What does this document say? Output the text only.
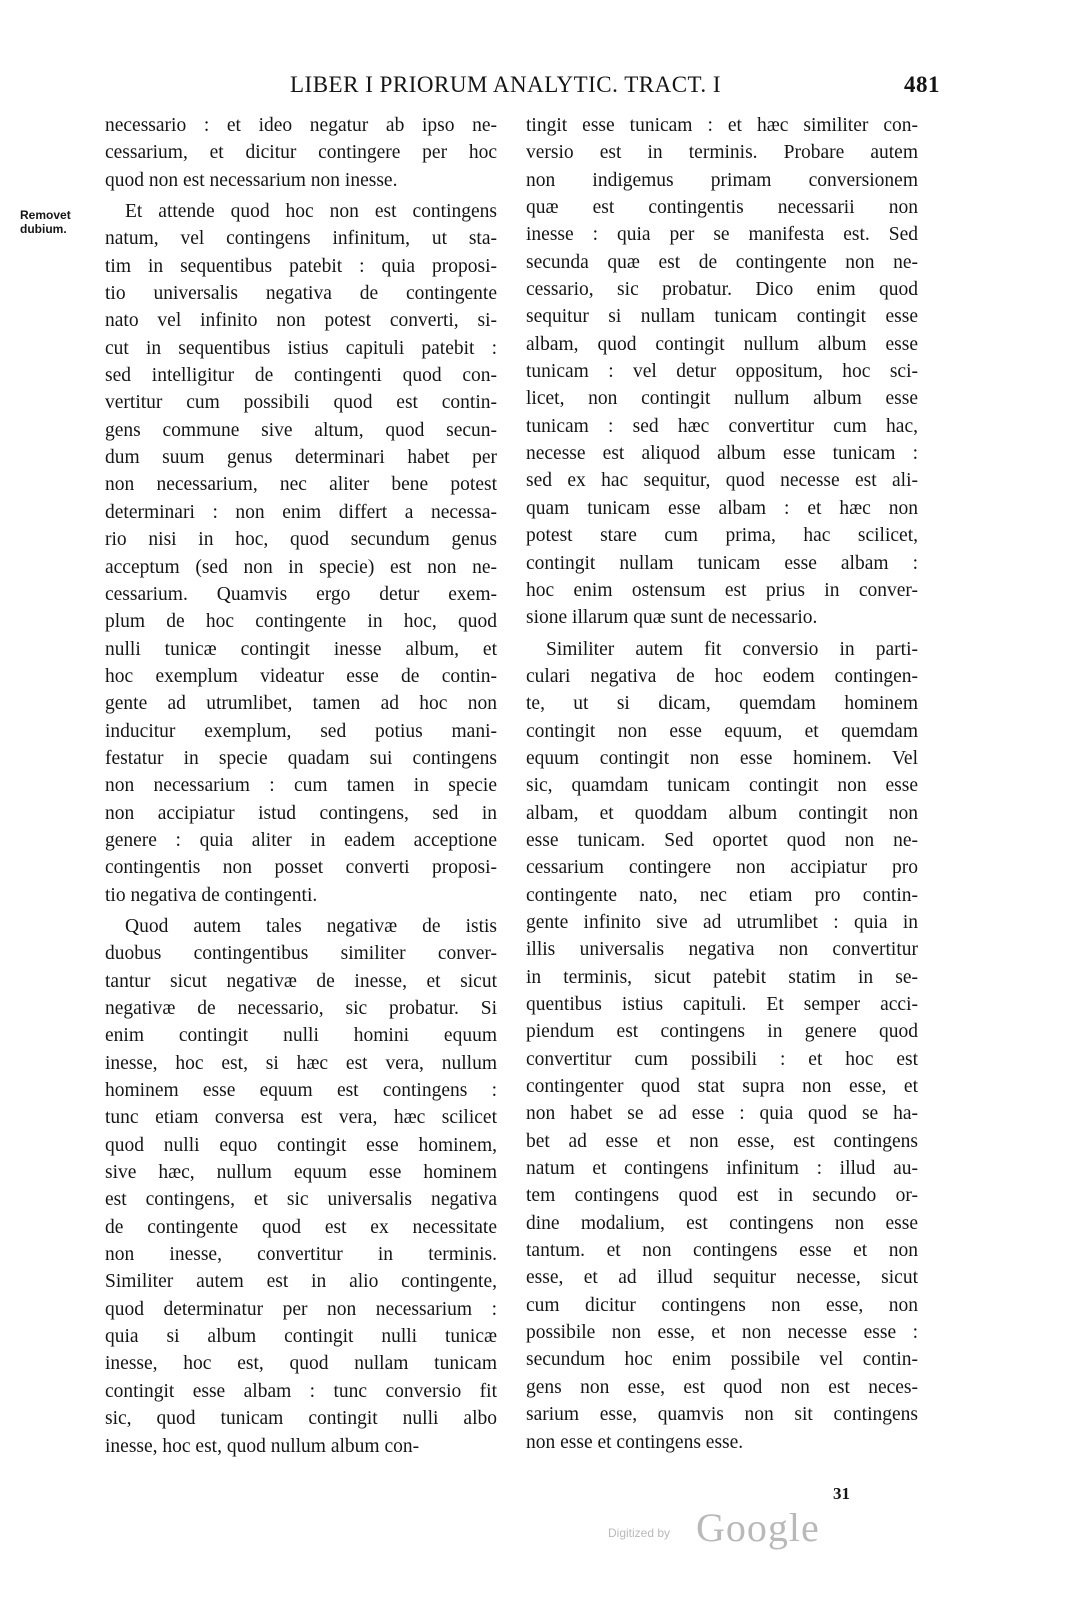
LIBER I PRIORUM ANALYTIC. TRACT. I	481
Removet
dubium.
necessario : et ideo negatur ab ipso ne-
cessarium, et dicitur contingere per hoc
quod non est necessarium non inesse.
Et attende quod hoc non est contingens
natum, vel contingens infinitum, ut sta-
tim in sequentibus patebit : quia proposi-
tio universalis negativa de contingente
nato vel infinito non potest converti, si-
cut in sequentibus istius capituli patebit :
sed intelligitur de contingenti quod con-
vertitur cum possibili quod est contin-
gens commune sive altum, quod secun-
dum suum genus determinari habet per
non necessarium, nec aliter bene potest
determinari : non enim differt a necessa-
rio nisi in hoc, quod secundum genus
acceptum (sed non in specie) est non ne-
cessarium. Quamvis ergo detur exem-
plum de hoc contingente in hoc, quod
nulli tunicæ contingit inesse album, et
hoc exemplum videatur esse de contin-
gente ad utrumlibet, tamen ad hoc non
inducitur exemplum, sed potius mani-
festatur in specie quadam sui contingens
non necessarium : cum tamen in specie
non accipiatur istud contingens, sed in
genere : quia aliter in eadem acceptione
contingentis non posset converti proposi-
tio negativa de contingenti.
Quod autem tales negativæ de istis
duobus contingentibus similiter conver-
tantur sicut negativæ de inesse, et sicut
negativæ de necessario, sic probatur. Si
enim contingit nulli homini equum
inesse, hoc est, si hæc est vera, nullum
hominem esse equum est contingens :
tunc etiam conversa est vera, hæc scilicet
quod nulli equo contingit esse hominem,
sive hæc, nullum equum esse hominem
est contingens, et sic universalis negativa
de contingente quod est ex necessitate
non inesse, convertitur in terminis.
Similiter autem est in alio contingente,
quod determinatur per non necessarium :
quia si album contingit nulli tunicæ
inesse, hoc est, quod nullam tunicam
contingit esse albam : tunc conversio fit
sic, quod tunicam contingit nulli albo
inesse, hoc est, quod nullum album con-
tingit esse tunicam : et hæc similiter con-
versio est in terminis. Probare autem
non indigemus primam conversionem
quæ est contingentis necessarii non
inesse : quia per se manifesta est. Sed
secunda quæ est de contingente non ne-
cessario, sic probatur. Dico enim quod
sequitur si nullam tunicam contingit esse
albam, quod contingit nullum album esse
tunicam : vel detur oppositum, hoc sci-
licet, non contingit nullum album esse
tunicam : sed hæc convertitur cum hac,
necesse est aliquod album esse tunicam :
sed ex hac sequitur, quod necesse est ali-
quam tunicam esse albam : et hæc non
potest stare cum prima, hac scilicet,
contingit nullam tunicam esse albam :
hoc enim ostensum est prius in conver-
sione illarum quæ sunt de necessario.
Similiter autem fit conversio in parti-
culari negativa de hoc eodem contingen-
te, ut si dicam, quemdam hominem
contingit non esse equum, et quemdam
equum contingit non esse hominem. Vel
sic, quamdam tunicam contingit non esse
albam, et quoddam album contingit non
esse tunicam. Sed oportet quod non ne-
cessarium contingere non accipiatur pro
contingente nato, nec etiam pro contin-
gente infinito sive ad utrumlibet : quia in
illis universalis negativa non convertitur
in terminis, sicut patebit statim in se-
quentibus istius capituli. Et semper acci-
piendum est contingens in genere quod
convertitur cum possibili : et hoc est
contingenter quod stat supra non esse, et
non habet se ad esse : quia quod se ha-
bet ad esse et non esse, est contingens
natum et contingens infinitum : illud au-
tem contingens quod est in secundo or-
dine modalium, est contingens non esse
tantum. et non contingens esse et non
esse, et ad illud sequitur necesse, sicut
cum dicitur contingens non esse, non
possibile non esse, et non necesse esse :
secundum hoc enim possibile vel contin-
gens non esse, est quod non est neces-
sarium esse, quamvis non sit contingens
non esse et contingens esse.
31
Digitized by Google
